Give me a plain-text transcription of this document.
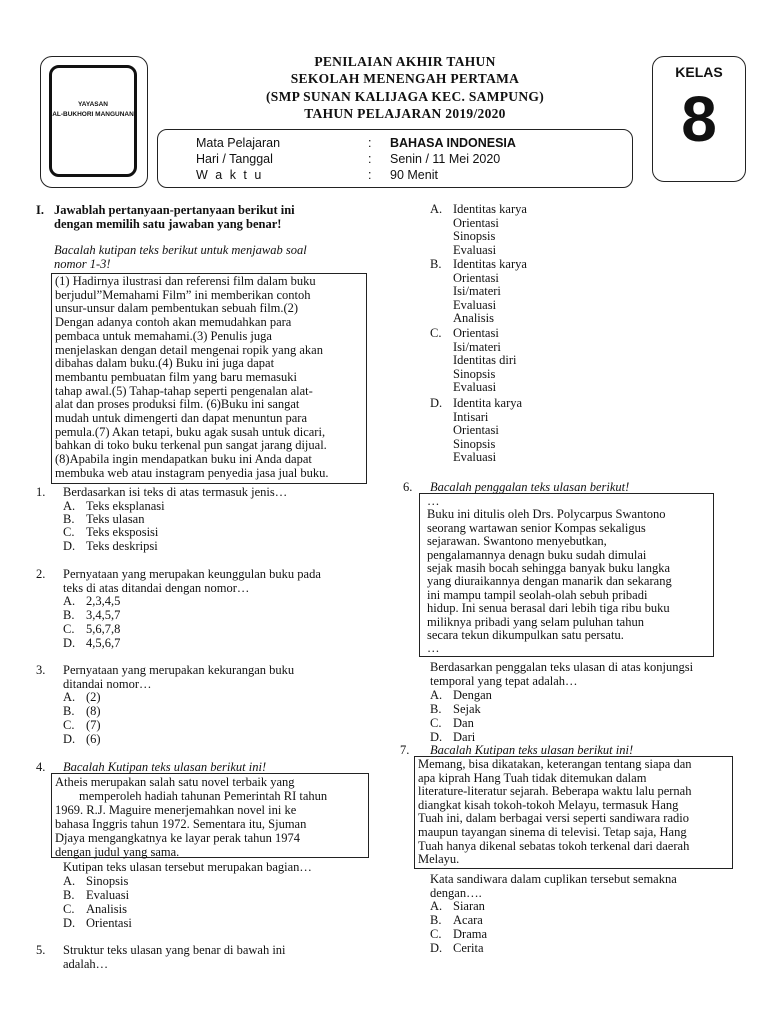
YAYASAN
AL-BUKHORI MANGUNAN
PENILAIAN AKHIR TAHUN
SEKOLAH MENENGAH PERTAMA
(SMP SUNAN KALIJAGA KEC. SAMPUNG)
TAHUN PELAJARAN 2019/2020
KELAS
8
Mata Pelajaran	: BAHASA INDONESIA
Hari / Tanggal	: Senin / 11 Mei 2020
W a k t u	: 90 Menit
I. Jawablah pertanyaan-pertanyaan berikut ini

dengan memilih satu jawaban yang benar!

Bacalah kutipan teks berikut untuk menjawab soal

nomor 1-3!

(1) Hadirnya ilustrasi dan referensi film dalam buku

berjudul”Memahami Film” ini memberikan contoh

unsur-unsur dalam pembentukan sebuah film.(2)

Dengan adanya contoh akan memudahkan para

pembaca untuk memahami.(3) Penulis juga

menjelaskan dengan detail mengenai ropik yang akan

dibahas dalam buku.(4) Buku ini juga dapat

membantu pembuatan film yang baru memasuki

tahap awal.(5) Tahap-tahap seperti pengenalan alat-

alat dan proses produksi film. (6)Buku ini sangat

mudah untuk dimengerti dan dapat menuntun para

pemula.(7) Akan tetapi, buku agak susah untuk dicari,

bahkan di toko buku terkenal pun sangat jarang dijual.

(8)Apabila ingin mendapatkan buku ini Anda dapat

membuka web atau instagram penyedia jasa jual buku.

1. Berdasarkan isi teks di atas termasuk jenis…
A. Teks eksplanasi
B. Teks ulasan
C. Teks eksposisi
D. Teks deskripsi
2. Pernyataan yang merupakan keunggulan buku pada

teks di atas ditandai dengan nomor…

A. 2,3,4,5
B. 3,4,5,7
C. 5,6,7,8
D. 4,5,6,7
3. Pernyataan yang merupakan kekurangan buku

ditandai nomor…

A. (2)
B. (8)
C. (7)
D. (6)
4. Bacalah Kutipan teks ulasan berikut ini!

Atheis merupakan salah satu novel terbaik yang

memperoleh hadiah tahunan Pemerintah RI tahun

1969. R.J. Maguire menerjemahkan novel ini ke

bahasa Inggris tahun 1972. Sementara itu, Sjuman

Djaya mengangkatnya ke layar perak tahun 1974

dengan judul yang sama.

Kutipan teks ulasan tersebut merupakan bagian…
A. Sinopsis
B. Evaluasi
C. Analisis
D. Orientasi
5. Struktur teks ulasan yang benar di bawah ini

adalah…

A. Identitas karya

Orientasi

Sinopsis

Evaluasi

B. Identitas karya

Orientasi

Isi/materi

Evaluasi

Analisis

C. Orientasi

Isi/materi

Identitas diri

Sinopsis

Evaluasi

D. Identita karya

Intisari

Orientasi

Sinopsis

Evaluasi

6. Bacalah penggalan teks ulasan berikut!

…

Buku ini ditulis oleh Drs. Polycarpus Swantono

seorang wartawan senior Kompas sekaligus

sejarawan. Swantono menyebutkan,

pengalamannya denagn buku sudah dimulai

sejak masih bocah sehingga banyak buku langka

yang diuraikannya dengan manarik dan sekarang

ini mampu tampil seolah-olah sebuh pribadi

hidup. Ini senua berasal dari lebih tiga ribu buku

miliknya pribadi yang selam puluhan tahun

secara tekun dikumpulkan satu persatu.

…

Berdasarkan penggalan teks ulasan di atas konjungsi

temporal yang tepat adalah…

A. Dengan
B. Sejak
C. Dan
D. Dari
7. Bacalah Kutipan teks ulasan berikut ini!

Memang, bisa dikatakan, keterangan tentang siapa dan

apa kiprah Hang Tuah tidak ditemukan dalam

literature-literatur sejarah. Beberapa waktu lalu pernah

diangkat kisah tokoh-tokoh Melayu, termasuk Hang

Tuah ini, dalam berbagai versi seperti sandiwara radio

maupun tayangan sinema di televisi. Tetap saja, Hang

Tuah hanya dikenal sebatas tokoh terkenal dari daerah

Melayu.

Kata sandiwara dalam cuplikan tersebut semakna

dengan….

A. Siaran
B. Acara
C. Drama
D. Cerita
